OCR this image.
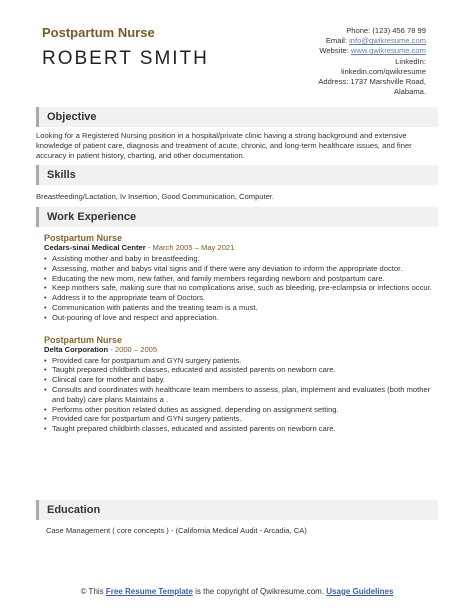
Postpartum Nurse
ROBERT SMITH
Phone: (123) 456 78 99
Email: info@qwikresume.com
Website: www.qwikresume.com
LinkedIn:
linkedin.com/qwikresume
Address: 1737 Marshville Road,
Alabama.
Objective
Looking for a Registered Nursing position in a hospital/private clinic having a strong background and extensive knowledge of patient care, diagnosis and treatment of acute, chronic, and long-term healthcare issues, and finer accuracy in patient history, charting, and other documentation.
Skills
Breastfeeding/Lactation, Iv Insertion, Good Communication, Computer.
Work Experience
Postpartum Nurse
Cedars-sinai Medical Center - March 2005 – May 2021
• Assisting mother and baby in breastfeeding.
• Assessing, mother and babys vital signs and if there were any deviation to inform the appropriate doctor.
• Educating the new mom, new father, and family members regarding newborn and postpartum care.
• Keep mothers safe, making sure that no complications arise, such as bleeding, pre-eclampsia or infections occur.
• Address it to the appropriate team of Doctors.
• Communication with patients and the treating team is a must.
• Out-pouring of love and respect and appreciation.
Postpartum Nurse
Delta Corporation - 2000 – 2005
• Provided care for postpartum and GYN surgery patients.
• Taught prepared childbirth classes, educated and assisted parents on newborn care.
• Clinical care for mother and baby.
• Consults and coordinates with healthcare team members to assess, plan, implement and evaluates (both mother and baby) care plans Maintains a .
• Performs other position related duties as assigned, depending on assignment setting.
• Provided care for postpartum and GYN surgery patients.
• Taught prepared childbirth classes, educated and assisted parents on newborn care.
Education
Case Management ( core concepts ) - (California Medical Audit - Arcadia, CA)
© This Free Resume Template is the copyright of Qwikresume.com. Usage Guidelines
